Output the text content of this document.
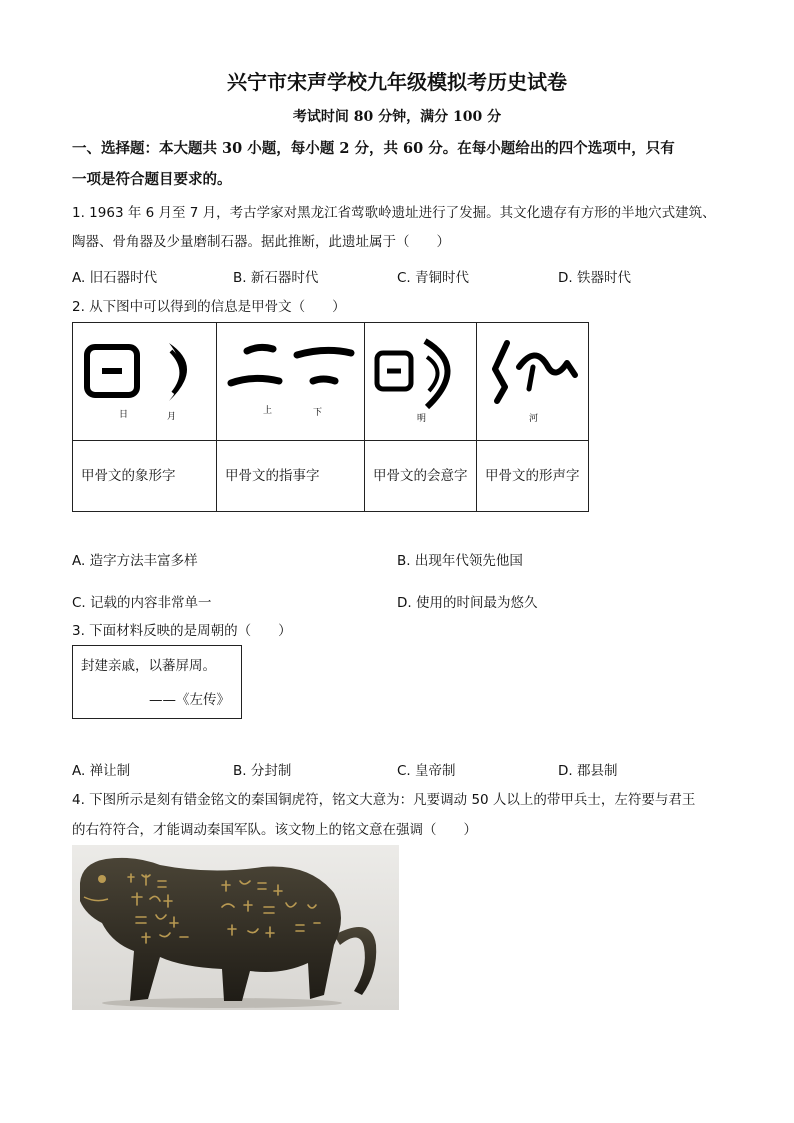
兴宁市宋声学校九年级模拟考历史试卷
考试时间 80 分钟，满分 100 分
一、选择题：本大题共 30 小题，每小题 2 分，共 60 分。在每小题给出的四个选项中，只有
一项是符合题目要求的。
1. 1963 年 6 月至 7 月，考古学家对黑龙江省莺歌岭遗址进行了发掘。其文化遗存有方形的半地穴式建筑、
陶器、骨角器及少量磨制石器。据此推断，此遗址属于（　　）
A. 旧石器时代	B. 新石器时代	C. 青铜时代	D. 铁器时代
2. 从下图中可以得到的信息是甲骨文（　　）
日 月	上 下	明	河

甲骨文的象形字	甲骨文的指事字	甲骨文的会意字	甲骨文的形声字
A. 造字方法丰富多样	B. 出现年代领先他国
C. 记载的内容非常单一	D. 使用的时间最为悠久
3. 下面材料反映的是周朝的（　　）
封建亲戚，以蕃屏周。
——《左传》
A. 禅让制	B. 分封制	C. 皇帝制	D. 郡县制
4. 下图所示是刻有错金铭文的秦国铜虎符，铭文大意为：凡要调动 50 人以上的带甲兵士，左符要与君王
的右符符合，才能调动秦国军队。该文物上的铭文意在强调（　　）
